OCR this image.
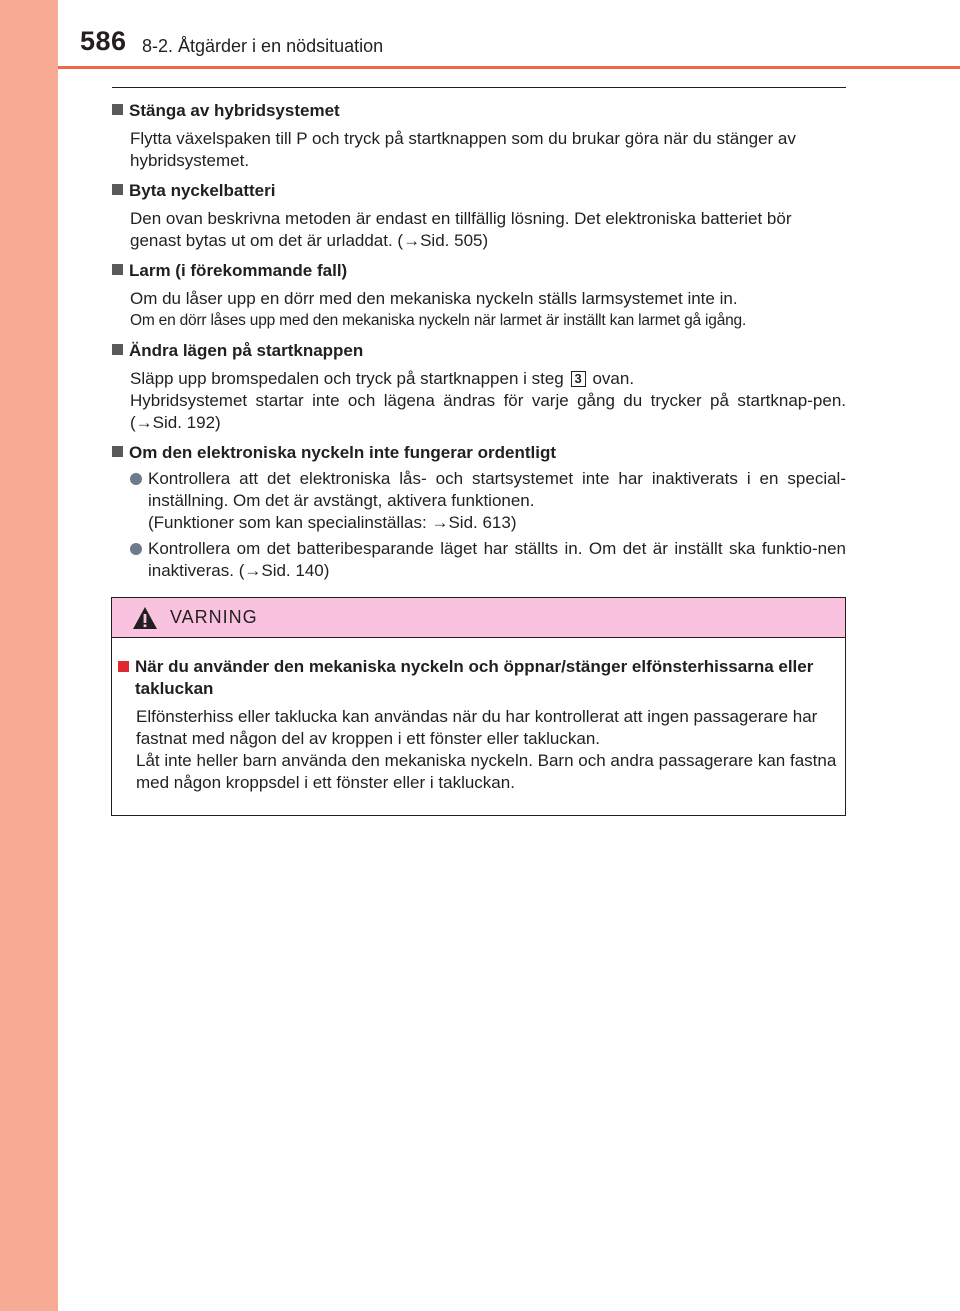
586 8-2. Åtgärder i en nödsituation
Stänga av hybridsystemet

Flytta växelspaken till P och tryck på startknappen som du brukar göra när du stänger av hybridsystemet.

Byta nyckelbatteri

Den ovan beskrivna metoden är endast en tillfällig lösning. Det elektroniska batteriet bör genast bytas ut om det är urladdat. (→Sid. 505)

Larm (i förekommande fall)

Om du låser upp en dörr med den mekaniska nyckeln ställs larmsystemet inte in.

Om en dörr låses upp med den mekaniska nyckeln när larmet är inställt kan larmet gå igång.

Ändra lägen på startknappen

Släpp upp bromspedalen och tryck på startknappen i steg 3 ovan.

Hybridsystemet startar inte och lägena ändras för varje gång du trycker på startknap-pen. (→Sid. 192)

Om den elektroniska nyckeln inte fungerar ordentligt

Kontrollera att det elektroniska lås- och startsystemet inte har inaktiverats i en special-inställning. Om det är avstängt, aktivera funktionen.

(Funktioner som kan specialinställas: →Sid. 613)

Kontrollera om det batteribesparande läget har ställts in. Om det är inställt ska funktio-nen inaktiveras. (→Sid. 140)

VARNING
När du använder den mekaniska nyckeln och öppnar/stänger elfönsterhissarna eller takluckan

Elfönsterhiss eller taklucka kan användas när du har kontrollerat att ingen passagerare har fastnat med någon del av kroppen i ett fönster eller takluckan.

Låt inte heller barn använda den mekaniska nyckeln. Barn och andra passagerare kan fastna med någon kroppsdel i ett fönster eller i takluckan.
